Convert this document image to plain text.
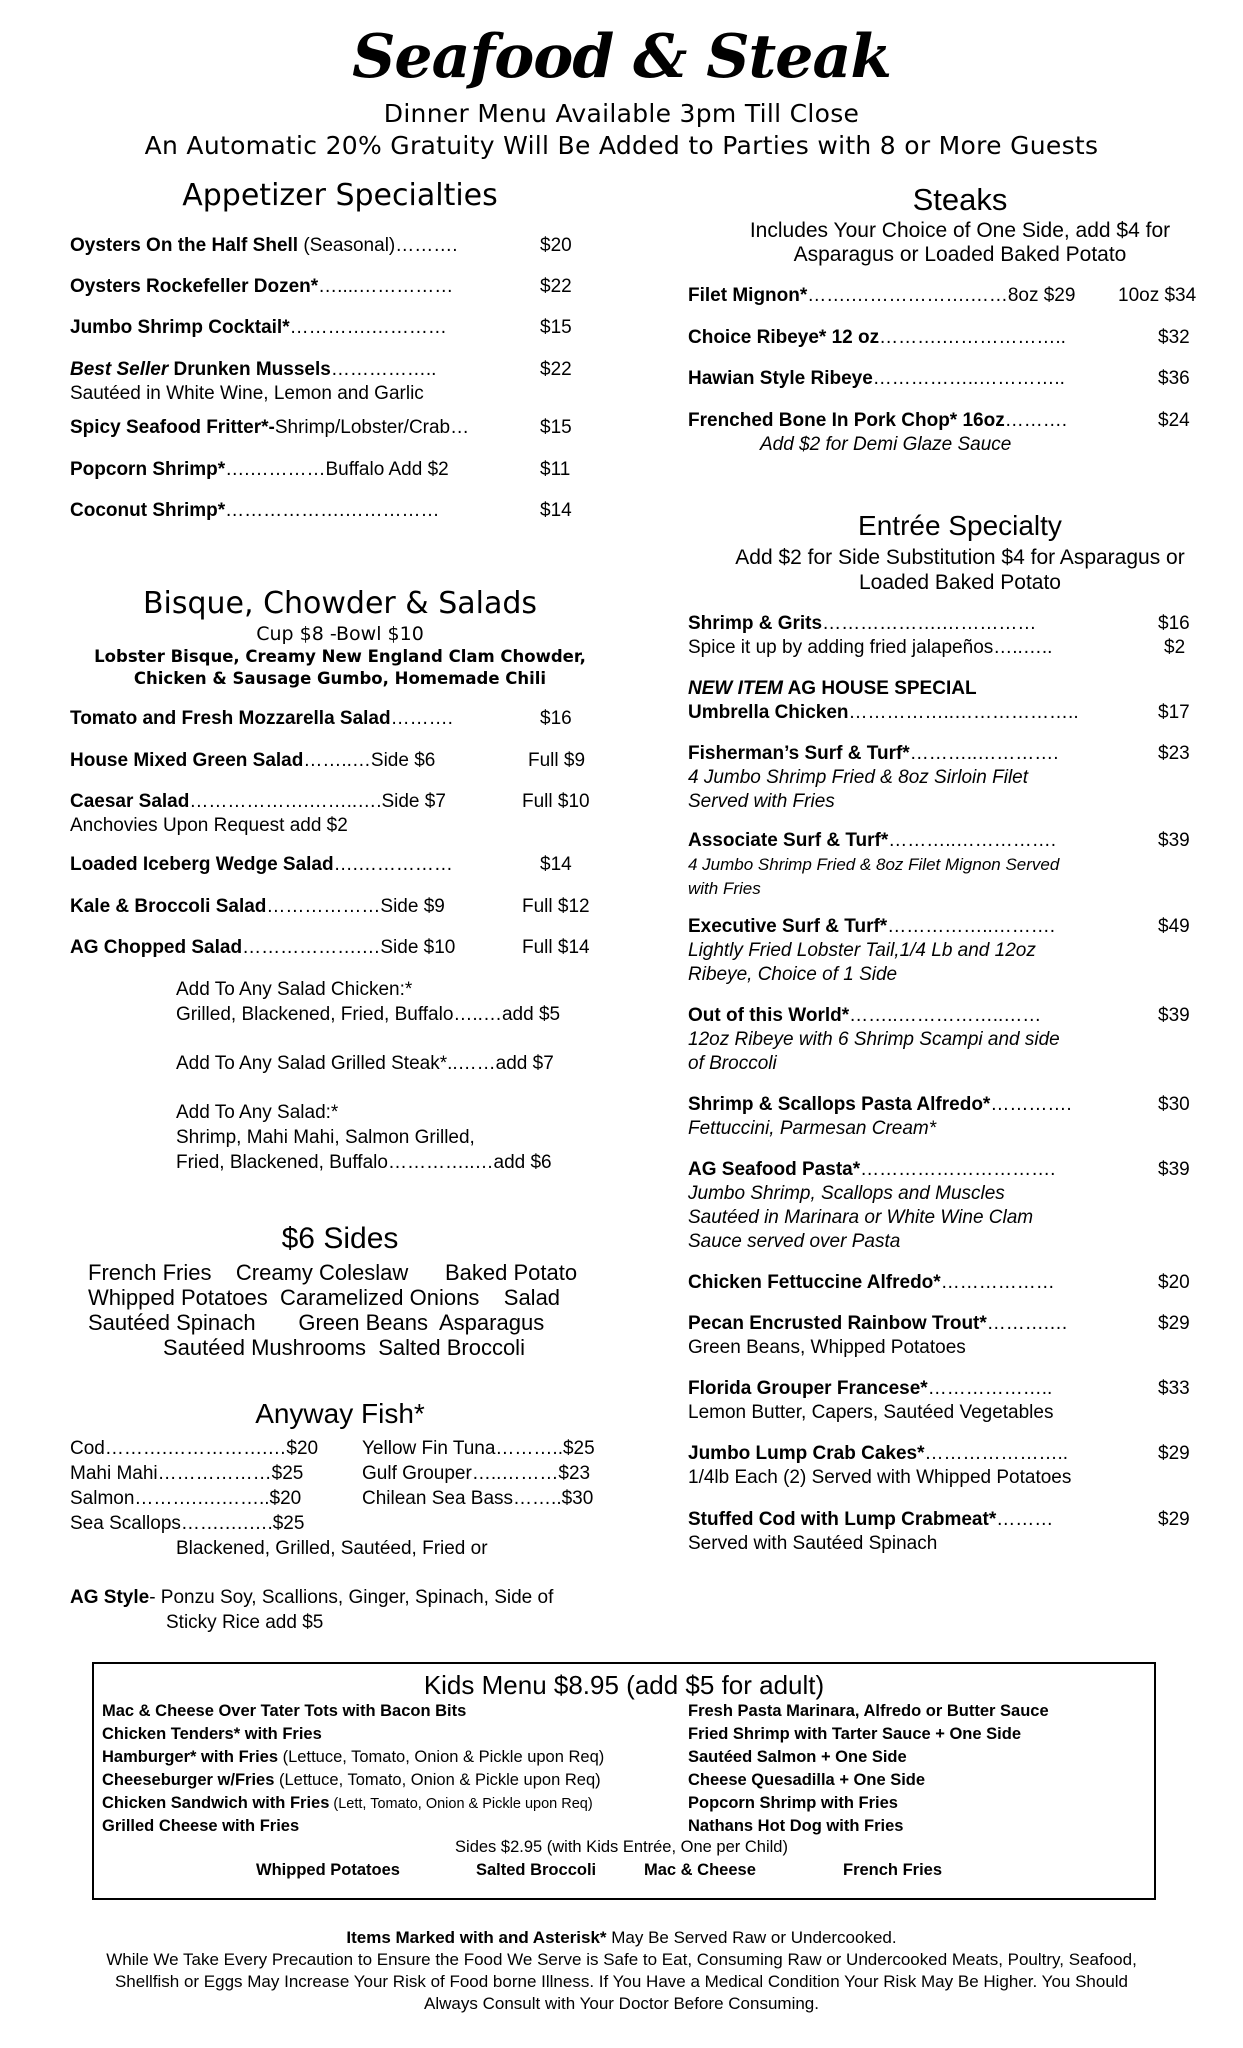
Seafood & Steak
Dinner Menu Available 3pm Till Close
An Automatic 20% Gratuity Will Be Added to Parties with 8 or More Guests
Appetizer Specialties
Oysters On the Half Shell (Seasonal)……….	$20
Oysters Rockefeller Dozen*…....……………	$22
Jumbo Shrimp Cocktail*………….…………	$15
Best Seller Drunken Mussels……………..	$22
Sautéed in White Wine, Lemon and Garlic
Spicy Seafood Fritter*-Shrimp/Lobster/Crab…	$15
Popcorn Shrimp*….…………Buffalo Add $2	$11
Coconut Shrimp*……………….……………	$14
Bisque, Chowder & Salads
Cup $8 -Bowl $10
Lobster Bisque, Creamy New England Clam Chowder,
Chicken & Sausage Gumbo, Homemade Chili
Tomato and Fresh Mozzarella Salad……….	$16
House Mixed Green Salad……..…Side $6	Full $9
Caesar Salad……………….……..….Side $7	Full $10
Anchovies Upon Request add $2
Loaded Iceberg Wedge Salad….……………	$14
Kale & Broccoli Salad………………Side $9	Full $12
AG Chopped Salad……………….…Side $10	Full $14
Add To Any Salad Chicken:*
Grilled, Blackened, Fried, Buffalo…..…add $5
Add To Any Salad Grilled Steak*..……add $7
Add To Any Salad:*
Shrimp, Mahi Mahi, Salmon Grilled,
Fried, Blackened, Buffalo…………..…add $6
$6 Sides
French Fries    Creamy Coleslaw      Baked Potato
Whipped Potatoes  Caramelized Onions    Salad
Sautéed Spinach       Green Beans  Asparagus
Sautéed Mushrooms  Salted Broccoli
Anyway Fish*
Cod……….…………….…$20
Mahi Mahi………………$25
Salmon……….….……..$20
Sea Scallops…….….….$25
Yellow Fin Tuna………..$25
Gulf Grouper…..………$23
Chilean Sea Bass……..$30
Blackened, Grilled, Sautéed, Fried or
AG Style- Ponzu Soy, Scallions, Ginger, Spinach, Side of
Sticky Rice add $5
Steaks
Includes Your Choice of One Side, add $4 for
Asparagus or Loaded Baked Potato
Filet Mignon*…….……………….……8oz $29 10oz $34
Choice Ribeye* 12 oz……….………………..	$32
Hawian Style Ribeye……………..…………..	$36
Frenched Bone In Pork Chop* 16oz……….	$24
Add $2 for Demi Glaze Sauce
Entrée Specialty
Add $2 for Side Substitution $4 for Asparagus or
Loaded Baked Potato
Shrimp & Grits……………….……………	$16
Spice it up by adding fried jalapeños…..…..	$2
NEW ITEM AG HOUSE SPECIAL
Umbrella Chicken……………..………………..	$17
Fisherman’s Surf & Turf*………..………….	$23
4 Jumbo Shrimp Fried & 8oz Sirloin Filet
Served with Fries
Associate Surf & Turf*………..…………….	$39
4 Jumbo Shrimp Fried & 8oz Filet Mignon Served
with Fries
Executive Surf & Turf*……………..……….	$49
Lightly Fried Lobster Tail,1/4 Lb and 12oz
Ribeye, Choice of 1 Side
Out of this World*……..……………..……	$39
12oz Ribeye with 6 Shrimp Scampi and side
of Broccoli
Shrimp & Scallops Pasta Alfredo*………….	$30
Fettuccini, Parmesan Cream*
AG Seafood Pasta*………………………….	$39
Jumbo Shrimp, Scallops and Muscles
Sautéed in Marinara or White Wine Clam
Sauce served over Pasta
Chicken Fettuccine Alfredo*………………	$20
Pecan Encrusted Rainbow Trout*……….…	$29
Green Beans, Whipped Potatoes
Florida Grouper Francese*………………..	$33
Lemon Butter, Capers, Sautéed Vegetables
Jumbo Lump Crab Cakes*…………………..	$29
1/4lb Each (2) Served with Whipped Potatoes
Stuffed Cod with Lump Crabmeat*………	$29
Served with Sautéed Spinach
Kids Menu $8.95 (add $5 for adult)
Mac & Cheese Over Tater Tots with Bacon Bits
Chicken Tenders* with Fries
Hamburger* with Fries (Lettuce, Tomato, Onion & Pickle upon Req)
Cheeseburger w/Fries (Lettuce, Tomato, Onion & Pickle upon Req)
Chicken Sandwich with Fries (Lett, Tomato, Onion & Pickle upon Req)
Grilled Cheese with Fries
Fresh Pasta Marinara, Alfredo or Butter Sauce
Fried Shrimp with Tarter Sauce + One Side
Sautéed Salmon + One Side
Cheese Quesadilla + One Side
Popcorn Shrimp with Fries
Nathans Hot Dog with Fries
Sides $2.95 (with Kids Entrée, One per Child)
Whipped Potatoes	Salted Broccoli	Mac & Cheese	French Fries
Items Marked with and Asterisk* May Be Served Raw or Undercooked.
While We Take Every Precaution to Ensure the Food We Serve is Safe to Eat, Consuming Raw or Undercooked Meats, Poultry, Seafood,
Shellfish or Eggs May Increase Your Risk of Food borne Illness. If You Have a Medical Condition Your Risk May Be Higher. You Should
Always Consult with Your Doctor Before Consuming.
